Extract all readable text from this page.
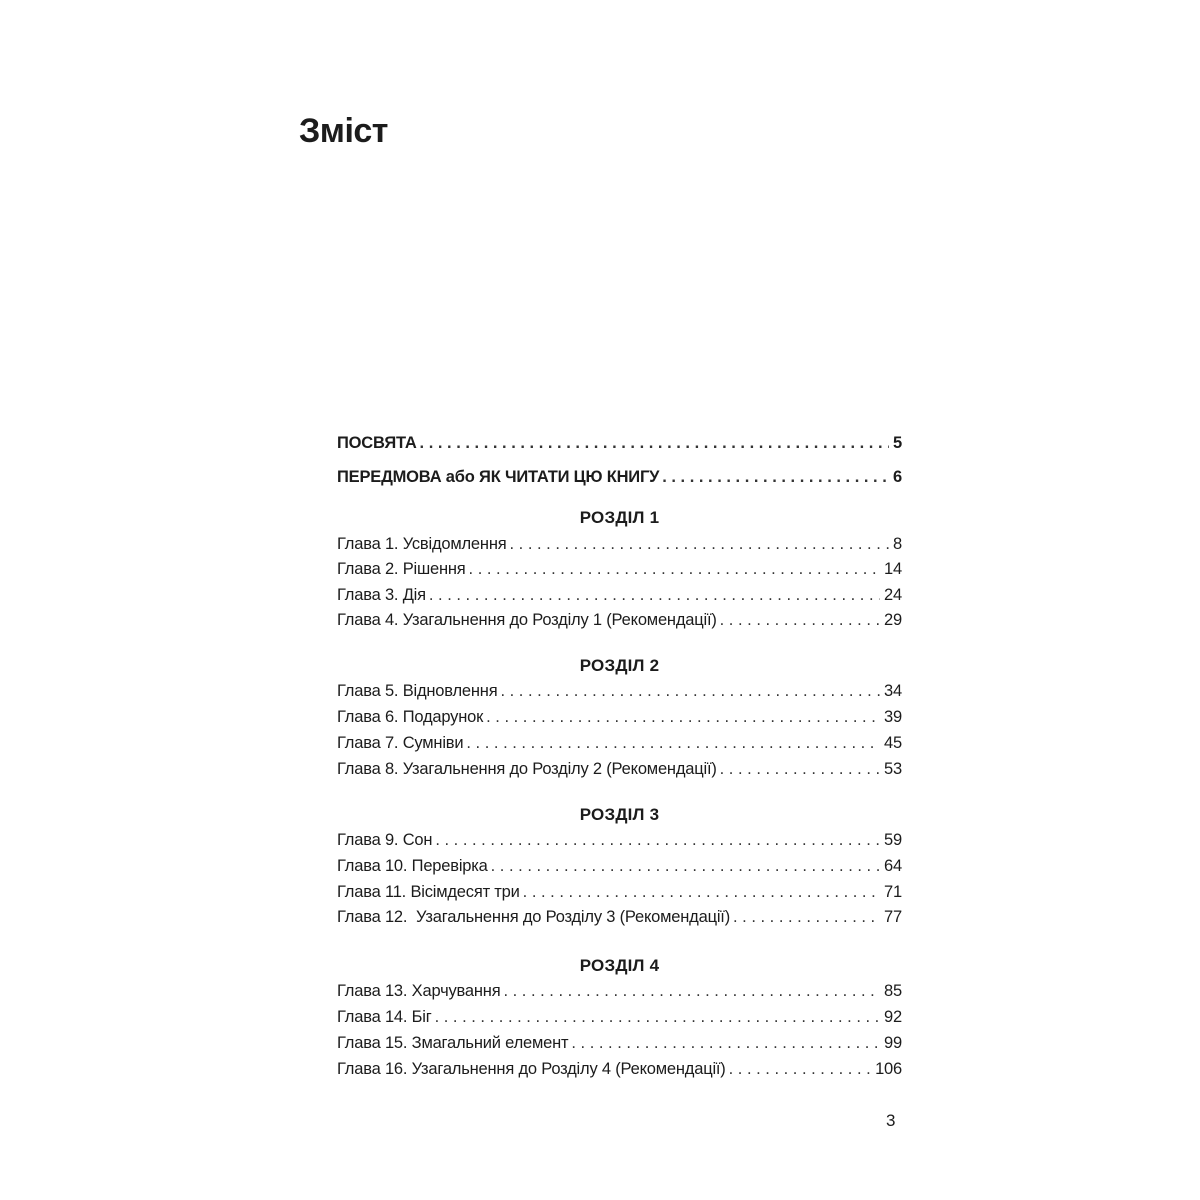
Зміст
ПОСВЯТА . . .	5
ПЕРЕДМОВА або ЯК ЧИТАТИ ЦЮ КНИГУ . . .	6
РОЗДІЛ 1
Глава 1. Усвідомлення . . .	8
Глава 2. Рішення . . .	14
Глава 3. Дія . . .	24
Глава 4. Узагальнення до Розділу 1 (Рекомендації) . . .	29
РОЗДІЛ 2
Глава 5. Відновлення . . .	34
Глава 6. Подарунок . . .	39
Глава 7. Сумніви . . .	45
Глава 8. Узагальнення до Розділу 2 (Рекомендації) . . .	53
РОЗДІЛ 3
Глава 9. Сон . . .	59
Глава 10. Перевірка . . .	64
Глава 11. Вісімдесят три . . .	71
Глава 12.  Узагальнення до Розділу 3 (Рекомендації) . . .	77
РОЗДІЛ 4
Глава 13. Харчування . . .	85
Глава 14. Біг . . .	92
Глава 15. Змагальний елемент . . .	99
Глава 16. Узагальнення до Розділу 4 (Рекомендації) . . .	106
3
